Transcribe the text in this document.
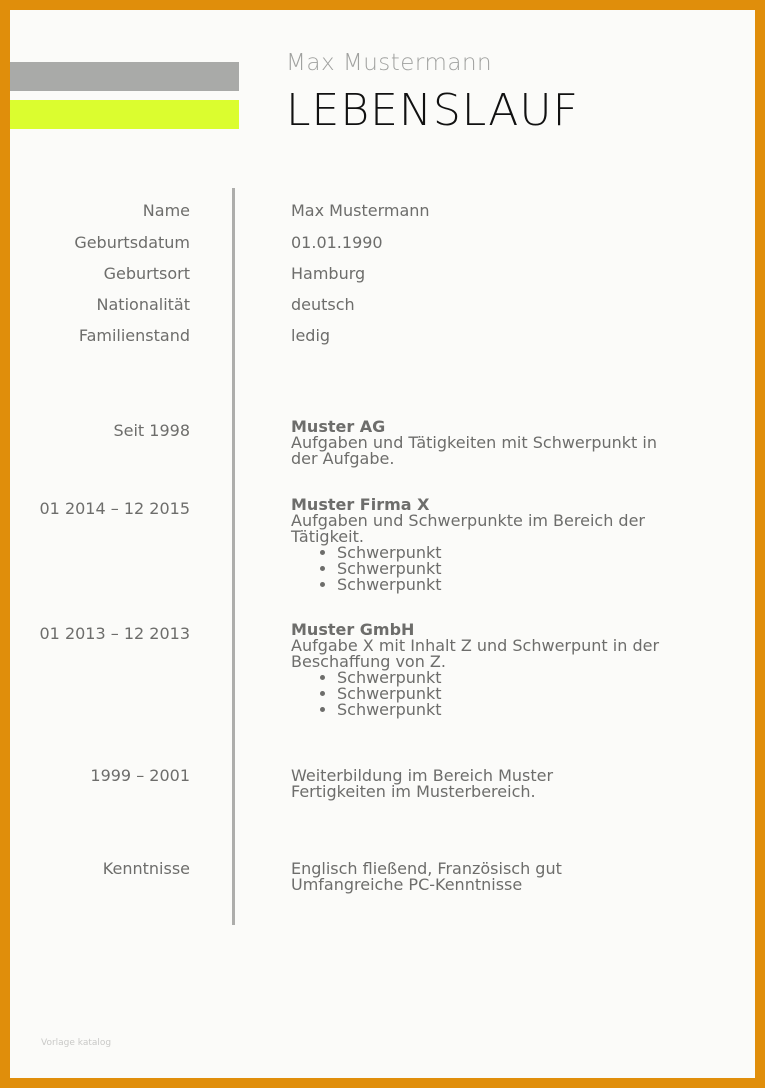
Max Mustermann
LEBENSLAUF
Name	Max Mustermann
Geburtsdatum	01.01.1990
Geburtsort	Hamburg
Nationalität	deutsch
Familienstand	ledig
Seit 1998	Muster AG
Aufgaben und Tätigkeiten mit Schwerpunkt in
der Aufgabe.
01 2014 – 12 2015	Muster Firma X
Aufgaben und Schwerpunkte im Bereich der
Tätigkeit.
• Schwerpunkt
• Schwerpunkt
• Schwerpunkt
01 2013 – 12 2013	Muster GmbH
Aufgabe X mit Inhalt Z und Schwerpunt in der
Beschaffung von Z.
• Schwerpunkt
• Schwerpunkt
• Schwerpunkt
1999 – 2001	Weiterbildung im Bereich Muster
Fertigkeiten im Musterbereich.
Kenntnisse	Englisch fließend, Französisch gut
Umfangreiche PC-Kenntnisse
Vorlage katalog
